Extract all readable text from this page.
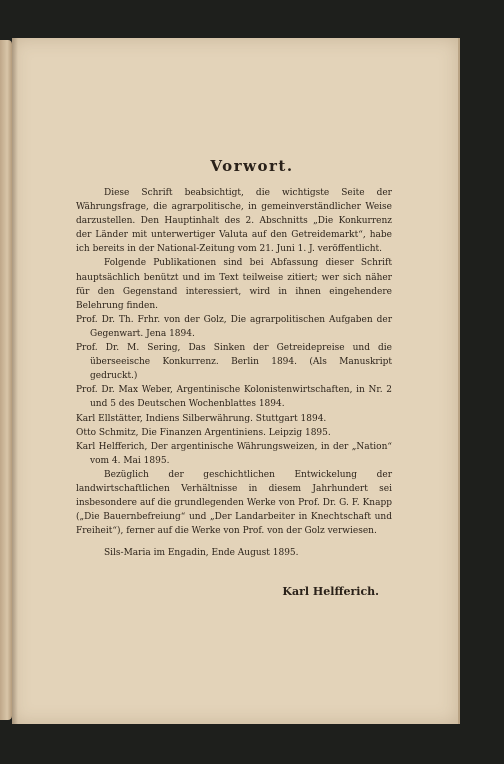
Vorwort.

Diese Schrift beabsichtigt, die wichtigste Seite der Währungsfrage, die agrarpolitische, in gemeinverständlicher Weise darzustellen. Den Hauptinhalt des 2. Abschnitts „Die Konkurrenz der Länder mit unterwertiger Valuta auf den Getreidemarkt“, habe ich bereits in der National-Zeitung vom 21. Juni 1. J. veröffentlicht.

Folgende Publikationen sind bei Abfassung dieser Schrift hauptsächlich benützt und im Text teilweise zitiert; wer sich näher für den Gegenstand interessiert, wird in ihnen eingehendere Belehrung finden.

Prof. Dr. Th. Frhr. von der Golz, Die agrarpolitischen Aufgaben der Gegenwart. Jena 1894.

Prof. Dr. M. Sering, Das Sinken der Getreidepreise und die überseeische Konkurrenz. Berlin 1894. (Als Manuskript gedruckt.)

Prof. Dr. Max Weber, Argentinische Kolonistenwirtschaften, in Nr. 2 und 5 des Deutschen Wochenblattes 1894.

Karl Ellstätter, Indiens Silberwährung. Stuttgart 1894.

Otto Schmitz, Die Finanzen Argentiniens. Leipzig 1895.

Karl Helfferich, Der argentinische Währungsweizen, in der „Nation“ vom 4. Mai 1895.

Bezüglich der geschichtlichen Entwickelung der landwirtschaftlichen Verhältnisse in diesem Jahrhundert sei insbesondere auf die grundlegenden Werke von Prof. Dr. G. F. Knapp („Die Bauernbefreiung“ und „Der Landarbeiter in Knechtschaft und Freiheit“), ferner auf die Werke von Prof. von der Golz verwiesen.

Sils-Maria im Engadin, Ende August 1895.

Karl Helfferich.
